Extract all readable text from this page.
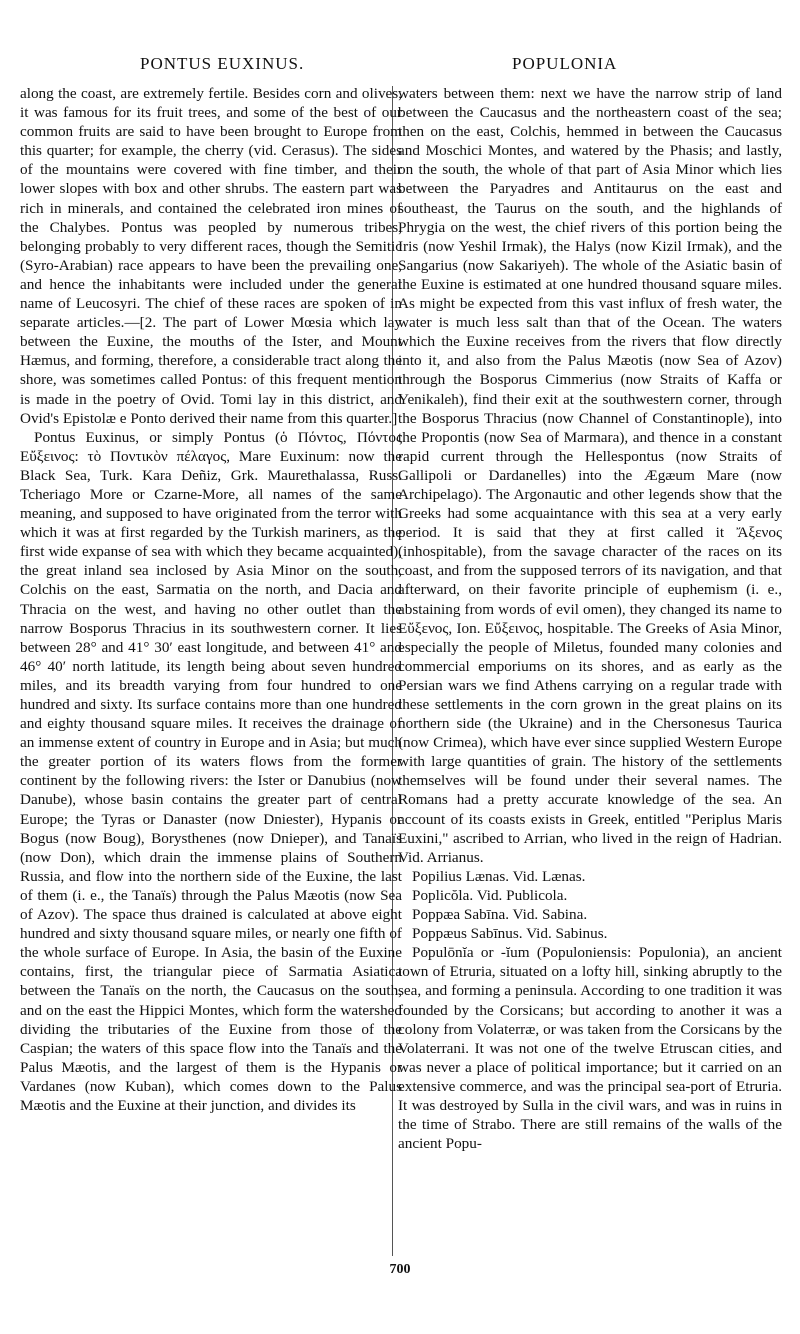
PONTUS EUXINUS.	POPULONIA

along the coast, are extremely fertile. Besides corn and olives, it was famous for its fruit trees, and some of the best of our common fruits are said to have been brought to Europe from this quarter; for example, the cherry (vid. Cerasus). The sides of the mountains were covered with fine timber, and their lower slopes with box and other shrubs. The eastern part was rich in minerals, and contained the celebrated iron mines of the Chalybes. Pontus was peopled by numerous tribes, belonging probably to very different races, though the Semitic (Syro-Arabian) race appears to have been the prevailing one, and hence the inhabitants were included under the general name of Leucosyri. The chief of these races are spoken of in separate articles.—[2. The part of Lower Mœsia which lay between the Euxine, the mouths of the Ister, and Mount Hæmus, and forming, therefore, a considerable tract along the shore, was sometimes called Pontus: of this frequent mention is made in the poetry of Ovid. Tomi lay in this district, and Ovid's Epistolæ e Ponto derived their name from this quarter.]

Pontus Euxinus, or simply Pontus (ὁ Πόντος, Πόντος Εὔξεινος: τὸ Ποντικὸν πέλαγος, Mare Euxinum: now the Black Sea, Turk. Kara Deñiz, Grk. Maurethalassa, Russ. Tcheriago More or Czarne-More, all names of the same meaning, and supposed to have originated from the terror with which it was at first regarded by the Turkish mariners, as the first wide expanse of sea with which they became acquainted), the great inland sea inclosed by Asia Minor on the south, Colchis on the east, Sarmatia on the north, and Dacia and Thracia on the west, and having no other outlet than the narrow Bosporus Thracius in its southwestern corner. It lies between 28° and 41° 30′ east longitude, and between 41° and 46° 40′ north latitude, its length being about seven hundred miles, and its breadth varying from four hundred to one hundred and sixty. Its surface contains more than one hundred and eighty thousand square miles. It receives the drainage of an immense extent of country in Europe and in Asia; but much the greater portion of its waters flows from the former continent by the following rivers: the Ister or Danubius (now Danube), whose basin contains the greater part of central Europe; the Tyras or Danaster (now Dniester), Hypanis or Bogus (now Boug), Borysthenes (now Dnieper), and Tanaïs (now Don), which drain the immense plains of Southern Russia, and flow into the northern side of the Euxine, the last of them (i. e., the Tanaïs) through the Palus Mæotis (now Sea of Azov). The space thus drained is calculated at above eight hundred and sixty thousand square miles, or nearly one fifth of the whole surface of Europe. In Asia, the basin of the Euxine contains, first, the triangular piece of Sarmatia Asiatica between the Tanaïs on the north, the Caucasus on the south, and on the east the Hippici Montes, which form the watershed dividing the tributaries of the Euxine from those of the Caspian; the waters of this space flow into the Tanaïs and the Palus Mæotis, and the largest of them is the Hypanis or Vardanes (now Kuban), which comes down to the Palus Mæotis and the Euxine at their junction, and divides its

waters between them: next we have the narrow strip of land between the Caucasus and the northeastern coast of the sea; then on the east, Colchis, hemmed in between the Caucasus and Moschici Montes, and watered by the Phasis; and lastly, on the south, the whole of that part of Asia Minor which lies between the Paryadres and Antitaurus on the east and southeast, the Taurus on the south, and the highlands of Phrygia on the west, the chief rivers of this portion being the Iris (now Yeshil Irmak), the Halys (now Kizil Irmak), and the Sangarius (now Sakariyeh). The whole of the Asiatic basin of the Euxine is estimated at one hundred thousand square miles. As might be expected from this vast influx of fresh water, the water is much less salt than that of the Ocean. The waters which the Euxine receives from the rivers that flow directly into it, and also from the Palus Mæotis (now Sea of Azov) through the Bosporus Cimmerius (now Straits of Kaffa or Yenikaleh), find their exit at the southwestern corner, through the Bosporus Thracius (now Channel of Constantinople), into the Propontis (now Sea of Marmara), and thence in a constant rapid current through the Hellespontus (now Straits of Gallipoli or Dardanelles) into the Ægæum Mare (now Archipelago). The Argonautic and other legends show that the Greeks had some acquaintance with this sea at a very early period. It is said that they at first called it Ἄξενος (inhospitable), from the savage character of the races on its coast, and from the supposed terrors of its navigation, and that afterward, on their favorite principle of euphemism (i. e., abstaining from words of evil omen), they changed its name to Εὔξενος, Ion. Εὔξεινος, hospitable. The Greeks of Asia Minor, especially the people of Miletus, founded many colonies and commercial emporiums on its shores, and as early as the Persian wars we find Athens carrying on a regular trade with these settlements in the corn grown in the great plains on its northern side (the Ukraine) and in the Chersonesus Taurica (now Crimea), which have ever since supplied Western Europe with large quantities of grain. The history of the settlements themselves will be found under their several names. The Romans had a pretty accurate knowledge of the sea. An account of its coasts exists in Greek, entitled "Periplus Maris Euxini," ascribed to Arrian, who lived in the reign of Hadrian. Vid. Arrianus.

Popilius Lænas. Vid. Lænas.

Poplicŏla. Vid. Publicola.

Poppæa Sabīna. Vid. Sabina.

Poppæus Sabīnus. Vid. Sabinus.

Populōnĭa or -ĭum (Populoniensis: Populonia), an ancient town of Etruria, situated on a lofty hill, sinking abruptly to the sea, and forming a peninsula. According to one tradition it was founded by the Corsicans; but according to another it was a colony from Volaterræ, or was taken from the Corsicans by the Volaterrani. It was not one of the twelve Etruscan cities, and was never a place of political importance; but it carried on an extensive commerce, and was the principal sea-port of Etruria. It was destroyed by Sulla in the civil wars, and was in ruins in the time of Strabo. There are still remains of the walls of the ancient Popu-

700
